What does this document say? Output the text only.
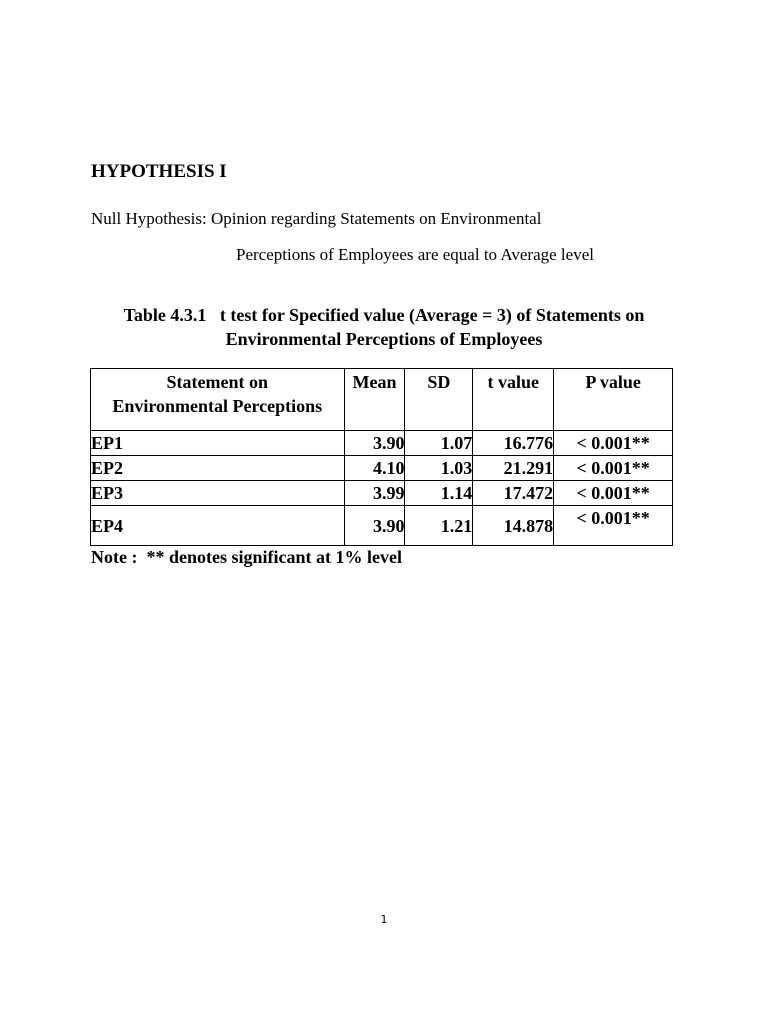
HYPOTHESIS I
Null Hypothesis: Opinion regarding Statements on Environmental
Perceptions of Employees are equal to Average level
Table 4.3.1   t test for Specified value (Average = 3) of Statements on
Environmental Perceptions of Employees
Statement on
Environmental Perceptions	Mean	SD	t value	P value
EP1	3.90	1.07	16.776	< 0.001**
EP2	4.10	1.03	21.291	< 0.001**
EP3	3.99	1.14	17.472	< 0.001**
EP4	3.90	1.21	14.878	< 0.001**
Note :  ** denotes significant at 1% level
1
